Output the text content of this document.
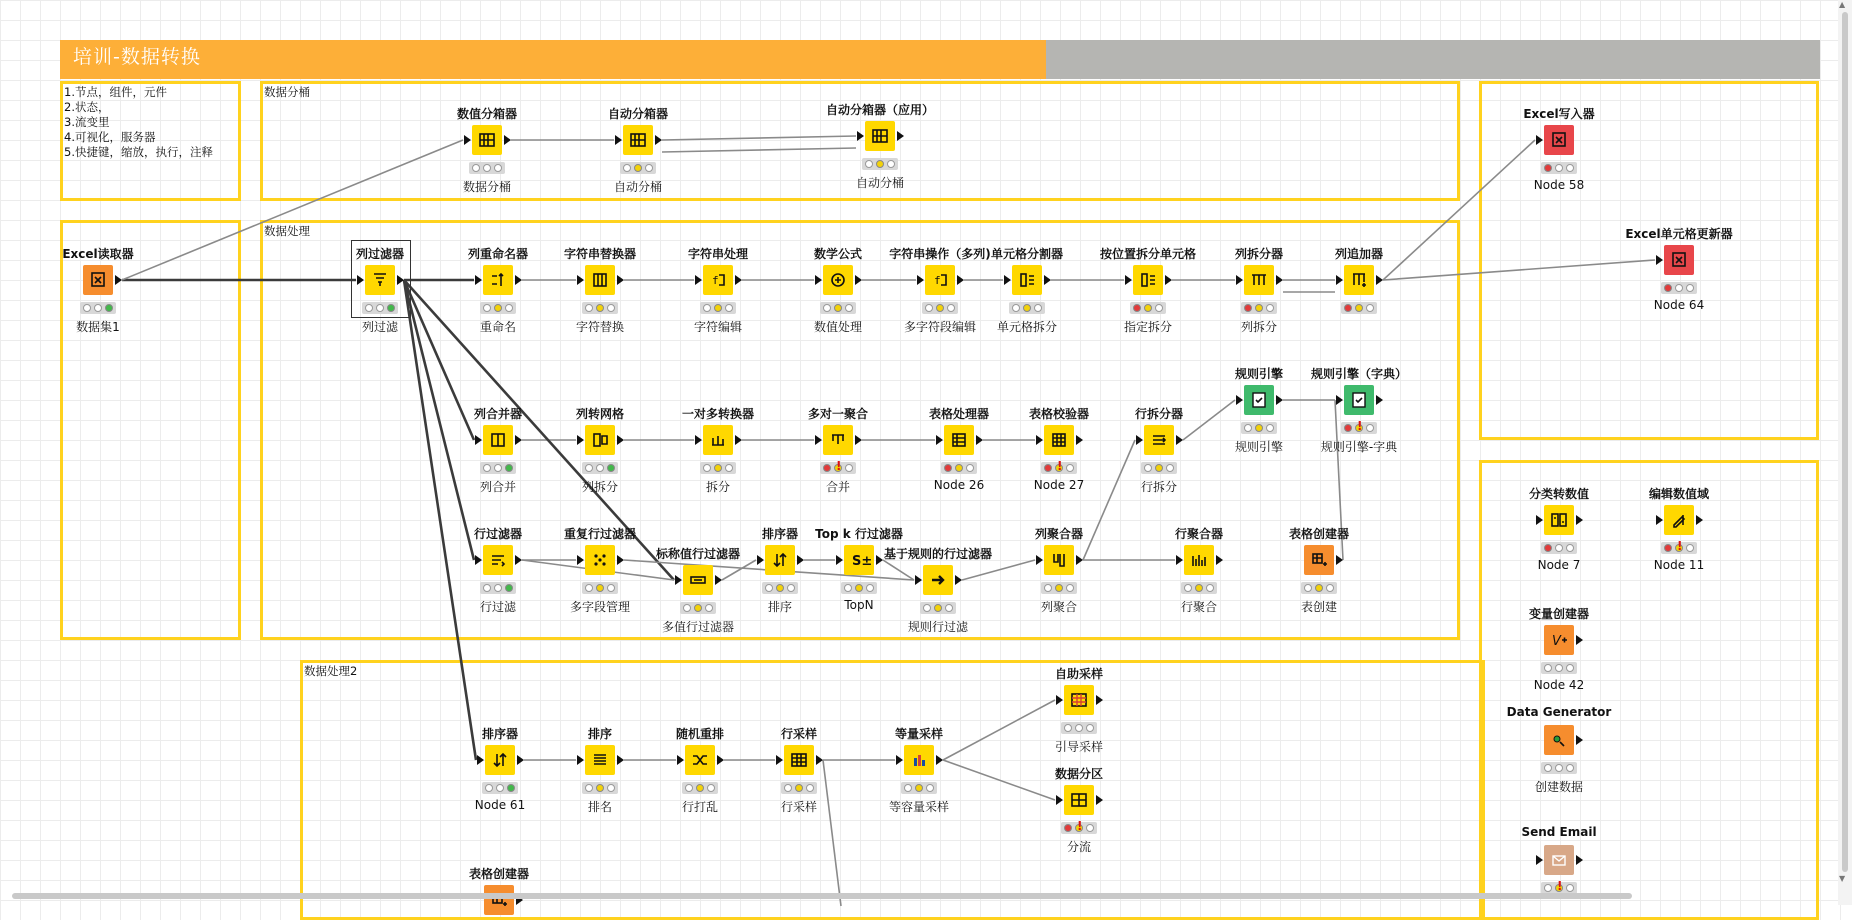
培训-数据转换
1.节点，组件，元件
2.状态，
3.流变里
4.可视化，服务器
5.快捷键，缩放，执行，注释
数据分桶
数据处理
数据处理2
Excel读取器
数据集1
数值分箱器
数据分桶
自动分箱器
自动分桶
自动分箱器（应用）
自动分桶
列过滤器
列过滤
列重命名器
重命名
字符串替换器
字符替换
字符串处理
f
字符编辑
数学公式
数值处理
字符串操作（多列)
f
多字符段编辑
单元格分割器
单元格拆分
按位置拆分单元格
指定拆分
列拆分器
列拆分
列追加器
列合并器
列合并
列转网格
列拆分
一对多转换器
拆分
多对一聚合
!
合并
表格处理器
Node 26
表格校验器
!
Node 27
行拆分器
行拆分
规则引擎
规则引擎
规则引擎（字典）
!
规则引擎-字典
行过滤器
行过滤
重复行过滤器
多字段管理
标称值行过滤器
多值行过滤器
排序器
排序
Top k 行过滤器
S±
TopN
基于规则的行过滤器
规则行过滤
列聚合器
列聚合
行聚合器
行聚合
表格创建器
表创建
排序器
Node 61
排序
排名
随机重排
行打乱
行采样
行采样
等量采样
等容量采样
自助采样
引导采样
数据分区
!
分流
表格创建器
Excel写入器
Node 58
Excel单元格更新器
Node 64
分类转数值
Node 7
编辑数值域
!
Node 11
变量创建器
V
Node 42
Data Generator
创建数据
Send Email
!
▲
▼
